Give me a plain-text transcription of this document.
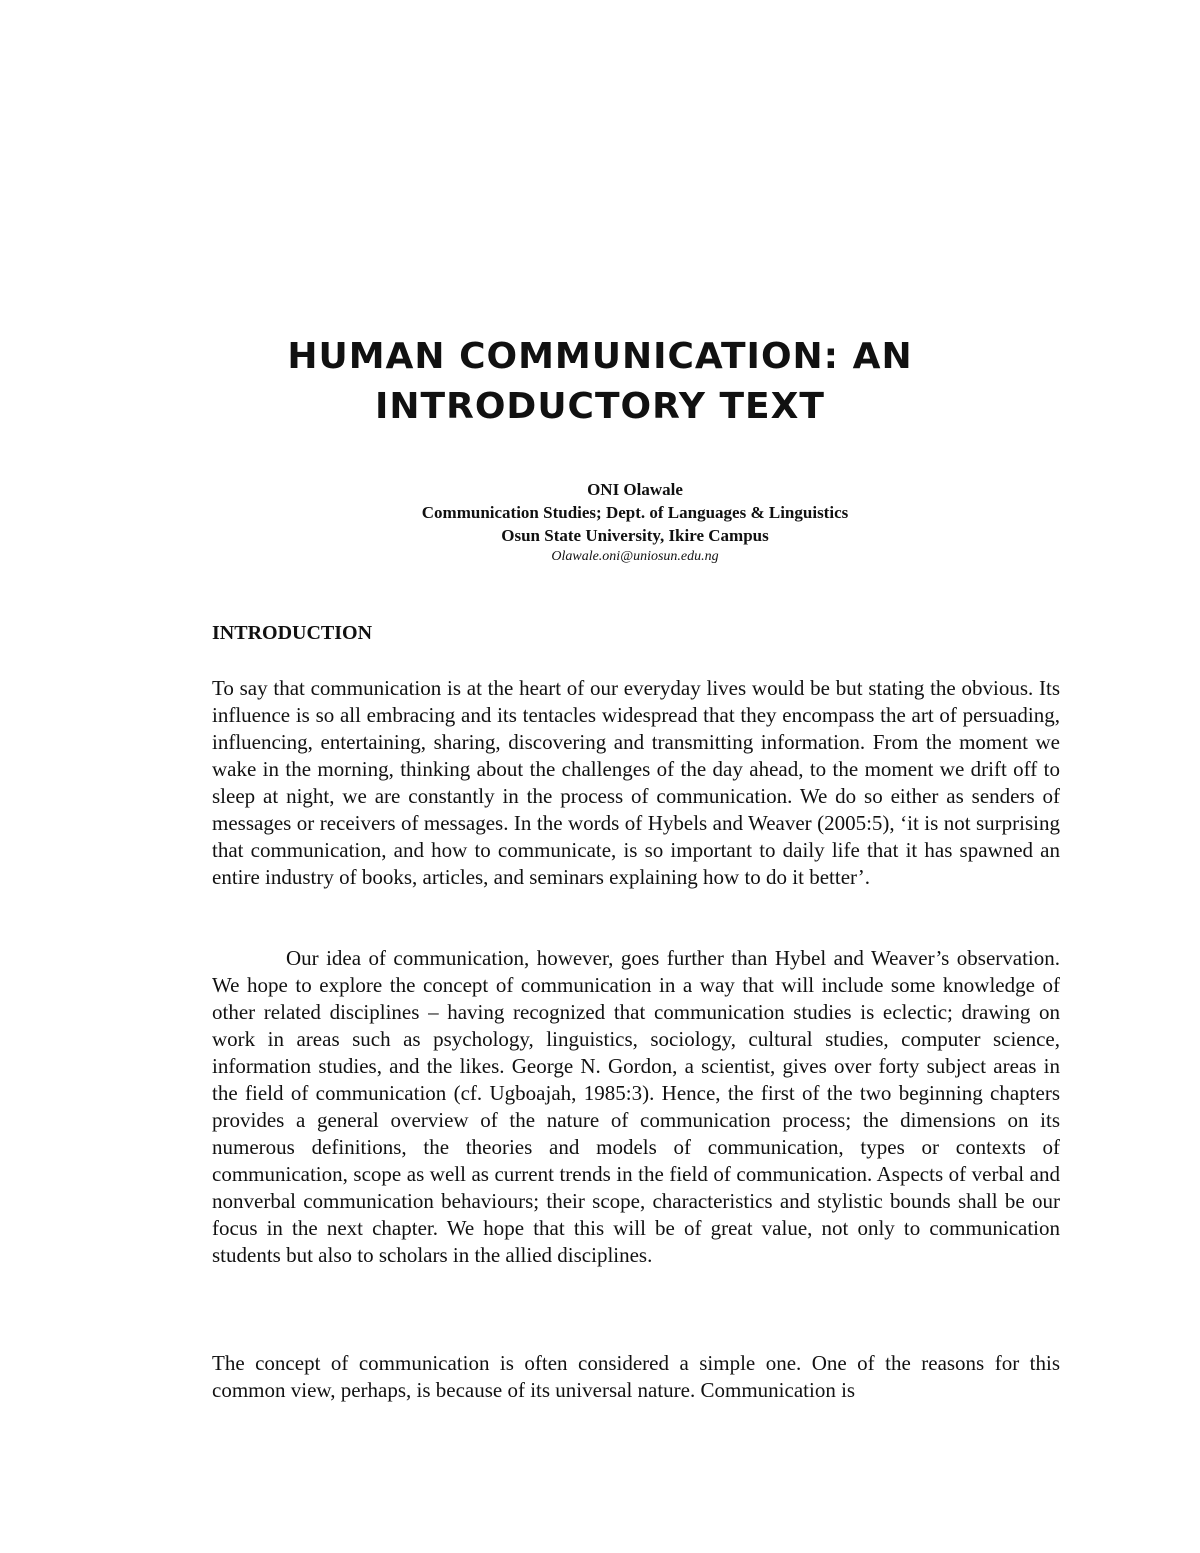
HUMAN COMMUNICATION: AN
INTRODUCTORY TEXT
ONI Olawale
Communication Studies; Dept. of Languages & Linguistics
Osun State University, Ikire Campus
Olawale.oni@uniosun.edu.ng
INTRODUCTION

To say that communication is at the heart of our everyday lives would be but stating the obvious. Its influence is so all embracing and its tentacles widespread that they encompass the art of persuading, influencing, entertaining, sharing, discovering and transmitting information. From the moment we wake in the morning, thinking about the challenges of the day ahead, to the moment we drift off to sleep at night, we are constantly in the process of communication. We do so either as senders of messages or receivers of messages. In the words of Hybels and Weaver (2005:5), ‘it is not surprising that communication, and how to communicate, is so important to daily life that it has spawned an entire industry of books, articles, and seminars explaining how to do it better’.

Our idea of communication, however, goes further than Hybel and Weaver’s observation. We hope to explore the concept of communication in a way that will include some knowledge of other related disciplines – having recognized that communication studies is eclectic; drawing on work in areas such as psychology, linguistics, sociology, cultural studies, computer science, information studies, and the likes. George N. Gordon, a scientist, gives over forty subject areas in the field of communication (cf. Ugboajah, 1985:3). Hence, the first of the two beginning chapters provides a general overview of the nature of communication process; the dimensions on its numerous definitions, the theories and models of communication, types or contexts of communication, scope as well as current trends in the field of communication. Aspects of verbal and nonverbal communication behaviours; their scope, characteristics and stylistic bounds shall be our focus in the next chapter. We hope that this will be of great value, not only to communication students but also to scholars in the allied disciplines.

The concept of communication is often considered a simple one. One of the reasons for this common view, perhaps, is because of its universal nature. Communication is
